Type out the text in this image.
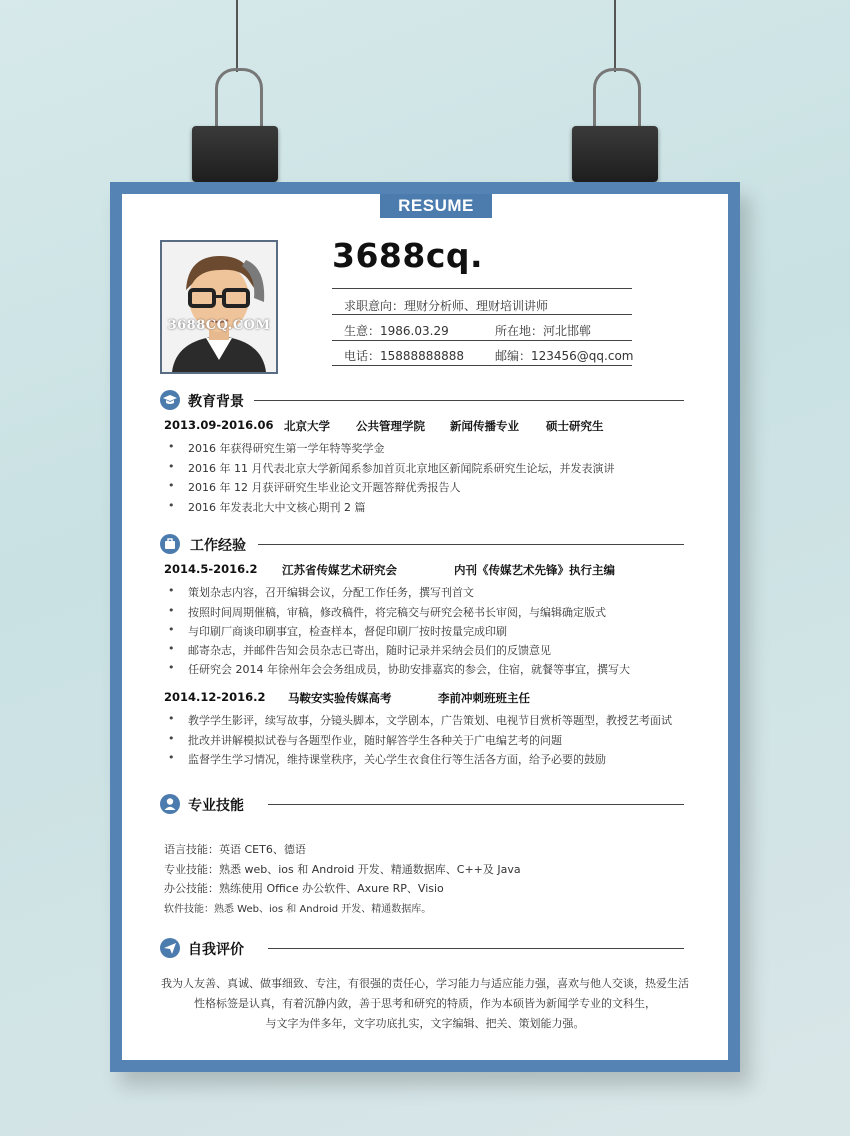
RESUME
3688CQ.COM
3688cq.
求职意向：理财分析师、理财培训讲师
生意：1986.03.29	所在地：河北邯郸
电话：15888888888	邮编：123456@qq.com
教育背景
2013.09-2016.06 北京大学 公共管理学院 新闻传播专业 硕士研究生
• 2016 年获得研究生第一学年特等奖学金
• 2016 年 11 月代表北京大学新闻系参加首页北京地区新闻院系研究生论坛，并发表演讲
• 2016 年 12 月获评研究生毕业论文开题答辩优秀报告人
• 2016 年发表北大中文核心期刊 2 篇
工作经验
2014.5-2016.2 江苏省传媒艺术研究会	内刊《传媒艺术先锋》执行主编
• 策划杂志内容，召开编辑会议，分配工作任务，撰写刊首文
• 按照时间周期催稿，审稿，修改稿件，将完稿交与研究会秘书长审阅，与编辑确定版式
• 与印刷厂商谈印刷事宜，检查样本，督促印刷厂按时按量完成印刷
• 邮寄杂志，并邮件告知会员杂志已寄出，随时记录并采纳会员们的反馈意见
• 任研究会 2014 年徐州年会会务组成员，协助安排嘉宾的参会，住宿，就餐等事宜，撰写大
2014.12-2016.2 马鞍安实验传媒高考	李前冲刺班班主任
• 教学学生影评，续写故事，分镜头脚本，文学剧本，广告策划、电视节目赏析等题型，教授艺考面试
• 批改并讲解模拟试卷与各题型作业，随时解答学生各种关于广电编艺考的问题
• 监督学生学习情况，维持课堂秩序，关心学生衣食住行等生活各方面，给予必要的鼓励
专业技能
语言技能：英语 CET6、德语
专业技能：熟悉 web、ios 和 Android 开发、精通数据库、C++及 Java
办公技能：熟练使用 Office 办公软件、Axure RP、Visio
软件技能：熟悉 Web、ios 和 Android 开发、精通数据库。
自我评价
我为人友善、真诚、做事细致、专注，有很强的责任心，学习能力与适应能力强，喜欢与他人交谈，热爱生活
性格标签是认真，有着沉静内敛，善于思考和研究的特质，作为本硕皆为新闻学专业的文科生，
与文字为伴多年，文字功底扎实，文字编辑、把关、策划能力强。
